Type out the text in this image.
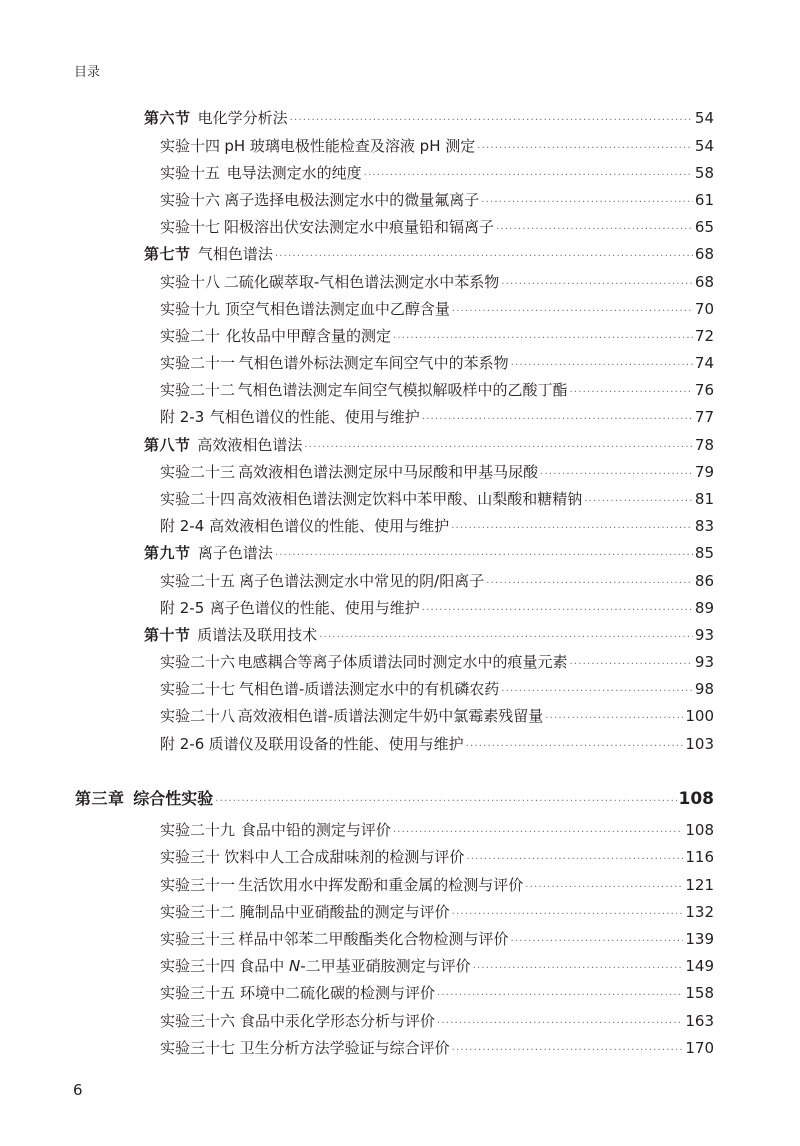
目录
第六节 电化学分析法 ·····	54
实验十四 pH 玻璃电极性能检查及溶液 pH 测定 ·····	54
实验十五 电导法测定水的纯度 ·····	58
实验十六 离子选择电极法测定水中的微量氟离子 ·····	61
实验十七 阳极溶出伏安法测定水中痕量铅和镉离子 ·····	65
第七节 气相色谱法 ·····	68
实验十八 二硫化碳萃取-气相色谱法测定水中苯系物 ·····	68
实验十九 顶空气相色谱法测定血中乙醇含量 ·····	70
实验二十 化妆品中甲醇含量的测定 ·····	72
实验二十一 气相色谱外标法测定车间空气中的苯系物 ·····	74
实验二十二 气相色谱法测定车间空气模拟解吸样中的乙酸丁酯 ·····	76
附 2-3 气相色谱仪的性能、使用与维护 ·····	77
第八节 高效液相色谱法 ·····	78
实验二十三 高效液相色谱法测定尿中马尿酸和甲基马尿酸 ·····	79
实验二十四 高效液相色谱法测定饮料中苯甲酸、山梨酸和糖精钠 ·····	81
附 2-4 高效液相色谱仪的性能、使用与维护 ·····	83
第九节 离子色谱法 ·····	85
实验二十五 离子色谱法测定水中常见的阴/阳离子 ·····	86
附 2-5 离子色谱仪的性能、使用与维护 ·····	89
第十节 质谱法及联用技术 ·····	93
实验二十六 电感耦合等离子体质谱法同时测定水中的痕量元素 ·····	93
实验二十七 气相色谱-质谱法测定水中的有机磷农药 ·····	98
实验二十八 高效液相色谱-质谱法测定牛奶中氯霉素残留量 ·····	100
附 2-6 质谱仪及联用设备的性能、使用与维护 ·····	103
第三章 综合性实验 ·····	108
实验二十九 食品中铅的测定与评价 ·····	108
实验三十 饮料中人工合成甜味剂的检测与评价 ·····	116
实验三十一 生活饮用水中挥发酚和重金属的检测与评价 ·····	121
实验三十二 腌制品中亚硝酸盐的测定与评价 ·····	132
实验三十三 样品中邻苯二甲酸酯类化合物检测与评价 ·····	139
实验三十四 食品中 N-二甲基亚硝胺测定与评价 ·····	149
实验三十五 环境中二硫化碳的检测与评价 ·····	158
实验三十六 食品中汞化学形态分析与评价 ·····	163
实验三十七 卫生分析方法学验证与综合评价 ·····	170
6
